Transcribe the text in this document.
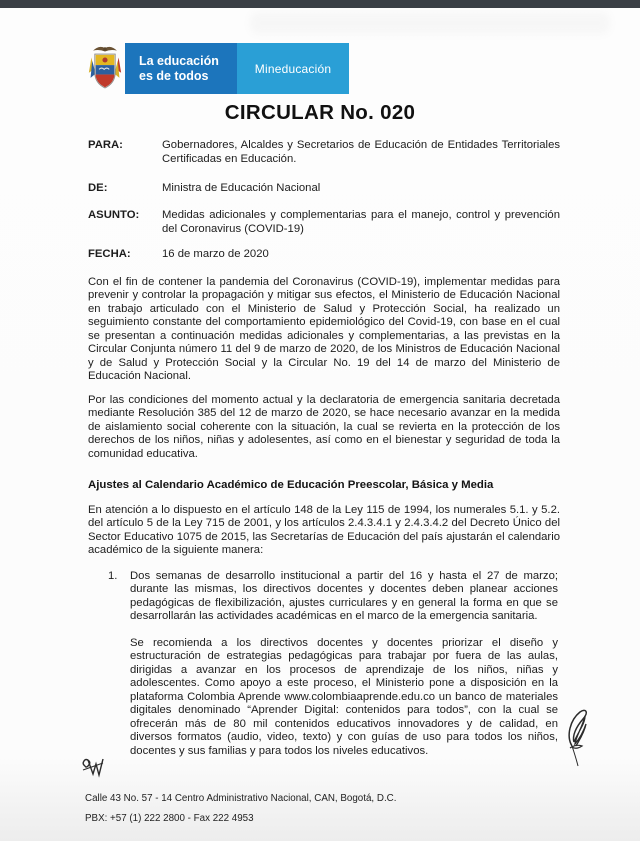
La educación
es de todos	Mineducación
CIRCULAR No. 020
PARA:	Gobernadores, Alcaldes y Secretarios de Educación de Entidades Territoriales Certificadas en Educación.
DE:	Ministra de Educación Nacional
ASUNTO:	Medidas adicionales y complementarias para el manejo, control y prevención del Coronavirus (COVID-19)
FECHA:	16 de marzo de 2020

Con el fin de contener la pandemia del Coronavirus (COVID-19), implementar medidas para prevenir y controlar la propagación y mitigar sus efectos, el Ministerio de Educación Nacional en trabajo articulado con el Ministerio de Salud y Protección Social, ha realizado un seguimiento constante del comportamiento epidemiológico del Covid-19, con base en el cual se presentan a continuación medidas adicionales y complementarias, a las previstas en la Circular Conjunta número 11 del 9 de marzo de 2020, de los Ministros de Educación Nacional y de Salud y Protección Social y la Circular No. 19 del 14 de marzo del Ministerio de Educación Nacional.

Por las condiciones del momento actual y la declaratoria de emergencia sanitaria decretada mediante Resolución 385 del 12 de marzo de 2020, se hace necesario avanzar en la medida de aislamiento social coherente con la situación, la cual se revierta en la protección de los derechos de los niños, niñas y adolesentes, así como en el bienestar y seguridad de toda la comunidad educativa.

Ajustes al Calendario Académico de Educación Preescolar, Básica y Media

En atención a lo dispuesto en el artículo 148 de la Ley 115 de 1994, los numerales 5.1. y 5.2. del artículo 5 de la Ley 715 de 2001, y los artículos 2.4.3.4.1 y 2.4.3.4.2 del Decreto Único del Sector Educativo 1075 de 2015, las Secretarías de Educación del país ajustarán el calendario académico de la siguiente manera:

1.	Dos semanas de desarrollo institucional a partir del 16 y hasta el 27 de marzo; durante las mismas, los directivos docentes y docentes deben planear acciones pedagógicas de flexibilización, ajustes curriculares y en general la forma en que se desarrollarán las actividades académicas en el marco de la emergencia sanitaria.

Se recomienda a los directivos docentes y docentes priorizar el diseño y estructuración de estrategias pedagógicas para trabajar por fuera de las aulas, dirigidas a avanzar en los procesos de aprendizaje de los niños, niñas y adolescentes. Como apoyo a este proceso, el Ministerio pone a disposición en la plataforma Colombia Aprende www.colombiaaprende.edu.co un banco de materiales digitales denominado “Aprender Digital: contenidos para todos”, con la cual se ofrecerán más de 80 mil contenidos educativos innovadores y de calidad, en diversos formatos (audio, video, texto) y con guías de uso para todos los niños, docentes y sus familias y para todos los niveles educativos.

Calle 43 No. 57 - 14 Centro Administrativo Nacional, CAN, Bogotá, D.C.

PBX: +57 (1) 222 2800 - Fax 222 4953
